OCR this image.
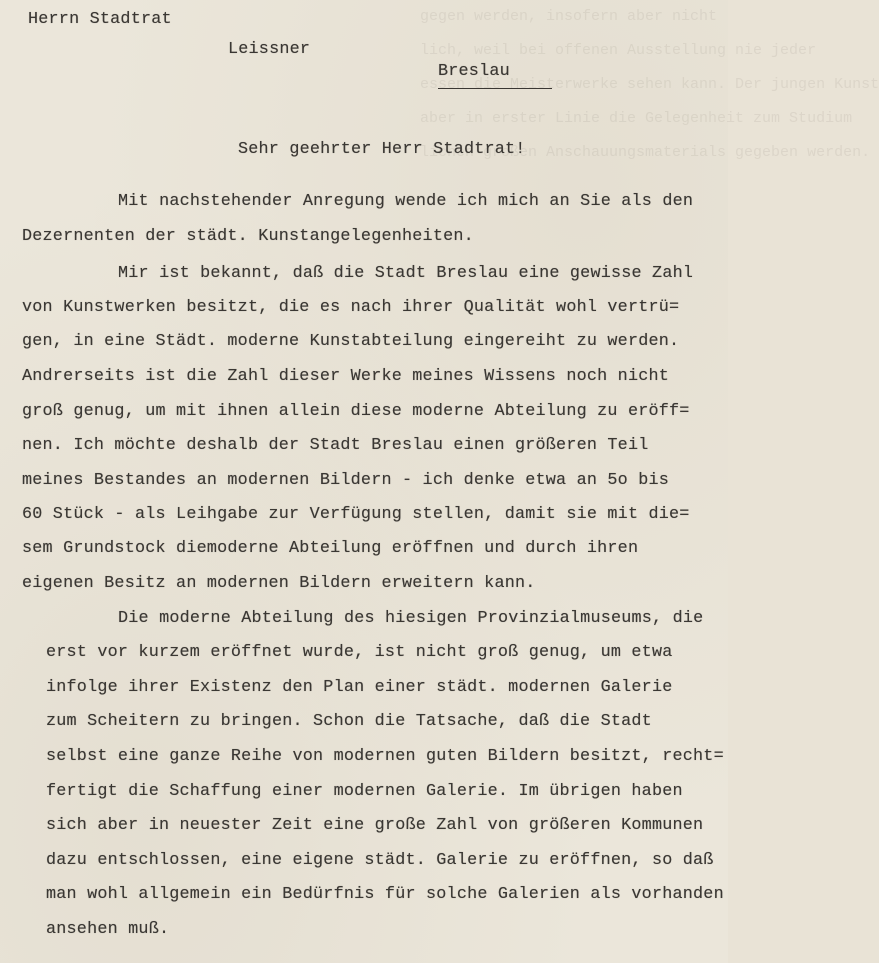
gegen werden, insofern aber nicht
lich, weil bei offenen Ausstellung nie jeder
essen die Meisterwerke sehen kann. Der jungen Kunst
aber in erster Linie die Gelegenheit zum Studium
lichen großen Anschauungsmaterials gegeben werden.
Herrn Stadtrat
Leissner
Breslau
Sehr geehrter Herr Stadtrat!
Mit nachstehender Anregung wende ich mich an Sie als den
Dezernenten der städt. Kunstangelegenheiten.
Mir ist bekannt, daß die Stadt Breslau eine gewisse Zahl
von Kunstwerken besitzt, die es nach ihrer Qualität wohl vertrü=
gen, in eine Städt. moderne Kunstabteilung eingereiht zu werden.
Andrerseits ist die Zahl dieser Werke meines Wissens noch nicht
groß genug, um mit ihnen allein diese moderne Abteilung zu eröff=
nen. Ich möchte deshalb der Stadt Breslau einen größeren Teil
meines Bestandes an modernen Bildern - ich denke etwa an 5o bis
60 Stück - als Leihgabe zur Verfügung stellen, damit sie mit die=
sem Grundstock diemoderne Abteilung eröffnen und durch ihren
eigenen Besitz an modernen Bildern erweitern kann.
Die moderne Abteilung des hiesigen Provinzialmuseums, die
erst vor kurzem eröffnet wurde, ist nicht groß genug, um etwa
infolge ihrer Existenz den Plan einer städt. modernen Galerie
zum Scheitern zu bringen. Schon die Tatsache, daß die Stadt
selbst eine ganze Reihe von modernen guten Bildern besitzt, recht=
fertigt die Schaffung einer modernen Galerie. Im übrigen haben
sich aber in neuester Zeit eine große Zahl von größeren Kommunen
dazu entschlossen, eine eigene städt. Galerie zu eröffnen, so daß
man wohl allgemein ein Bedürfnis für solche Galerien als vorhanden
ansehen muß.
